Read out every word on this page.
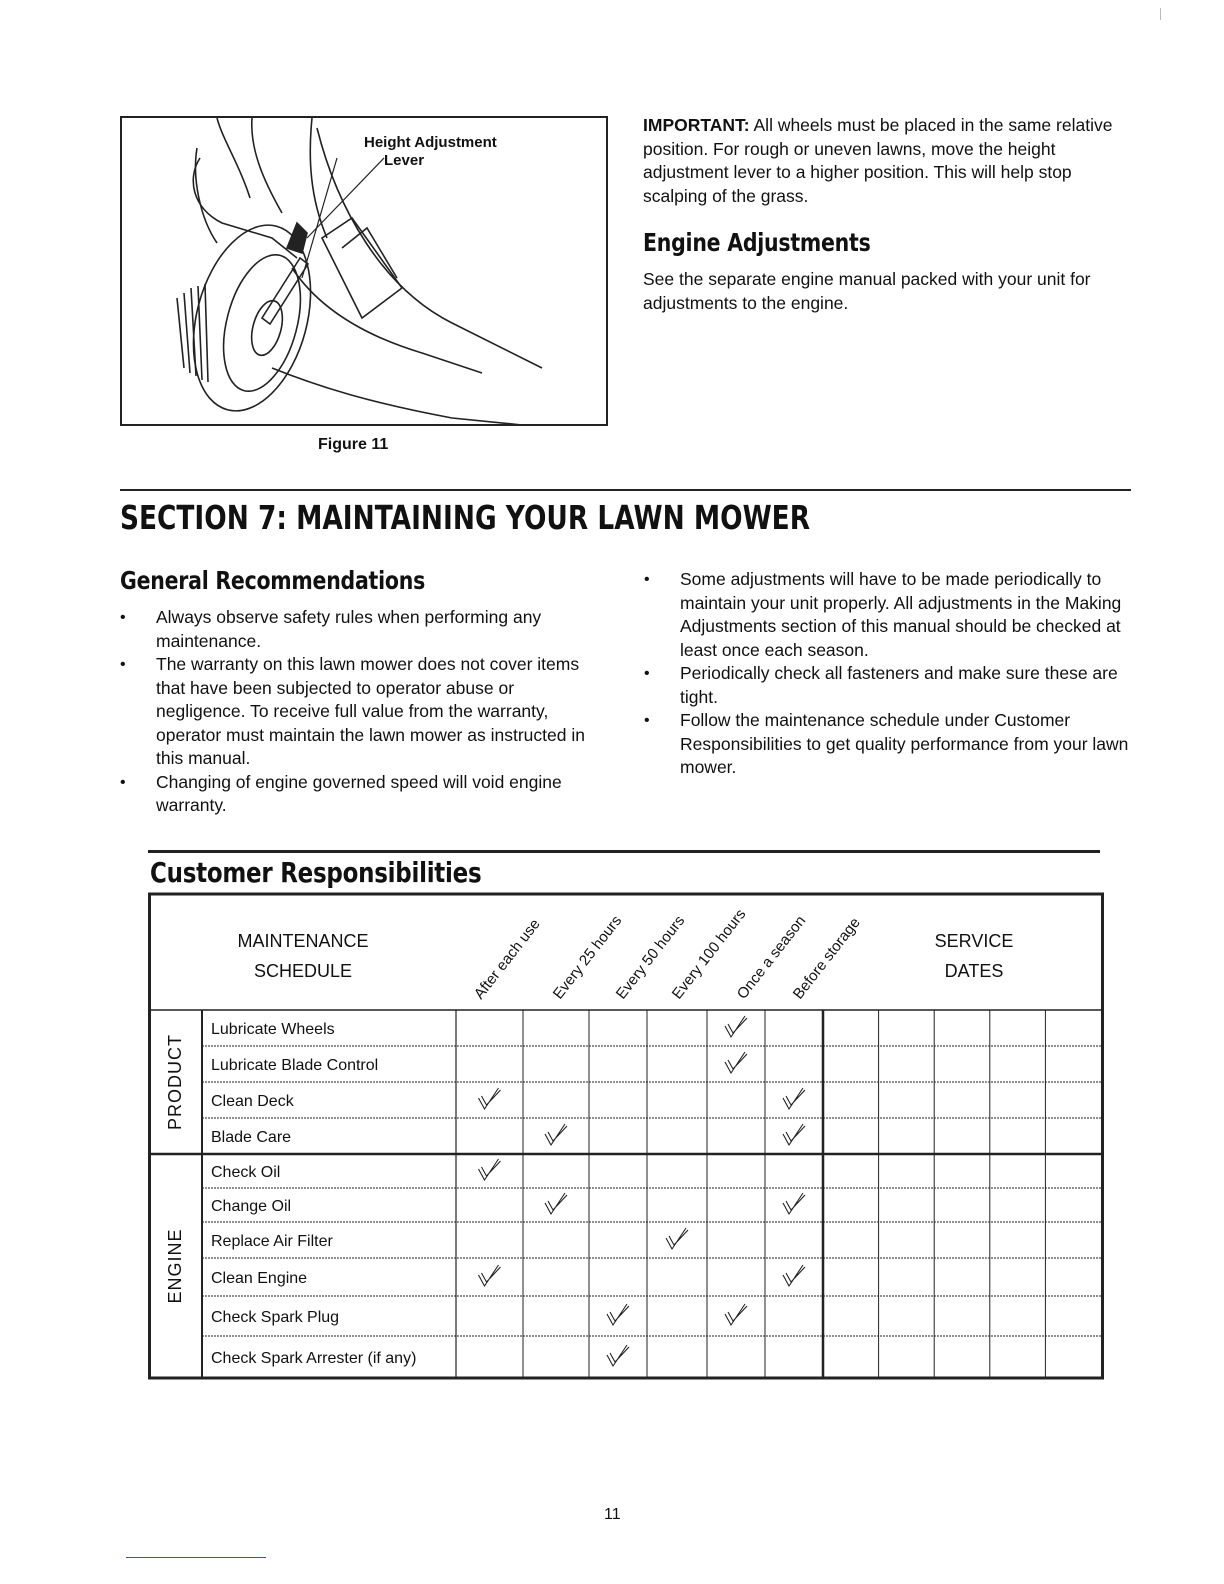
Height Adjustment
Lever
Figure 11
IMPORTANT: All wheels must be placed in the same relative position. For rough or uneven lawns, move the height adjustment lever to a higher position. This will help stop scalping of the grass.
Engine Adjustments
See the separate engine manual packed with your unit for adjustments to the engine.
SECTION 7: MAINTAINING YOUR LAWN MOWER
General Recommendations
• Always observe safety rules when performing any maintenance.
• The warranty on this lawn mower does not cover items that have been subjected to operator abuse or negligence. To receive full value from the warranty, operator must maintain the lawn mower as instructed in this manual.
• Changing of engine governed speed will void engine warranty.
• Some adjustments will have to be made periodically to maintain your unit properly. All adjustments in the Making Adjustments section of this manual should be checked at least once each season.
• Periodically check all fasteners and make sure these are tight.
• Follow the maintenance schedule under Customer Responsibilities to get quality performance from your lawn mower.
Customer Responsibilities
MAINTENANCE
SCHEDULE
SERVICE
DATES
After each use Every 25 hours
Every 50 hours
Every 100 hours
Once a season
Before storage
Lubricate Wheels
Lubricate Blade Control
Clean Deck
Blade Care
PRODUCT
Check Oil
Change Oil
Replace Air Filter
Clean Engine
Check Spark Plug
Check Spark Arrester (if any)
ENGINE
11
